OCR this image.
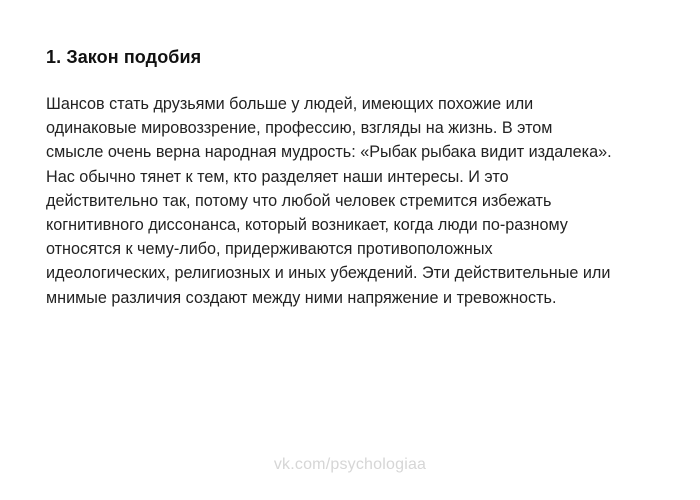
1. Закон подобия

Шансов стать друзьями больше у людей, имеющих похожие или
одинаковые мировоззрение, профессию, взгляды на жизнь. В этом
смысле очень верна народная мудрость: «Рыбак рыбака видит издалека».
Нас обычно тянет к тем, кто разделяет наши интересы. И это
действительно так, потому что любой человек стремится избежать
когнитивного диссонанса, который возникает, когда люди по-разному
относятся к чему-либо, придерживаются противоположных
идеологических, религиозных и иных убеждений. Эти действительные или
мнимые различия создают между ними напряжение и тревожность.

vk.com/psychologiaa
